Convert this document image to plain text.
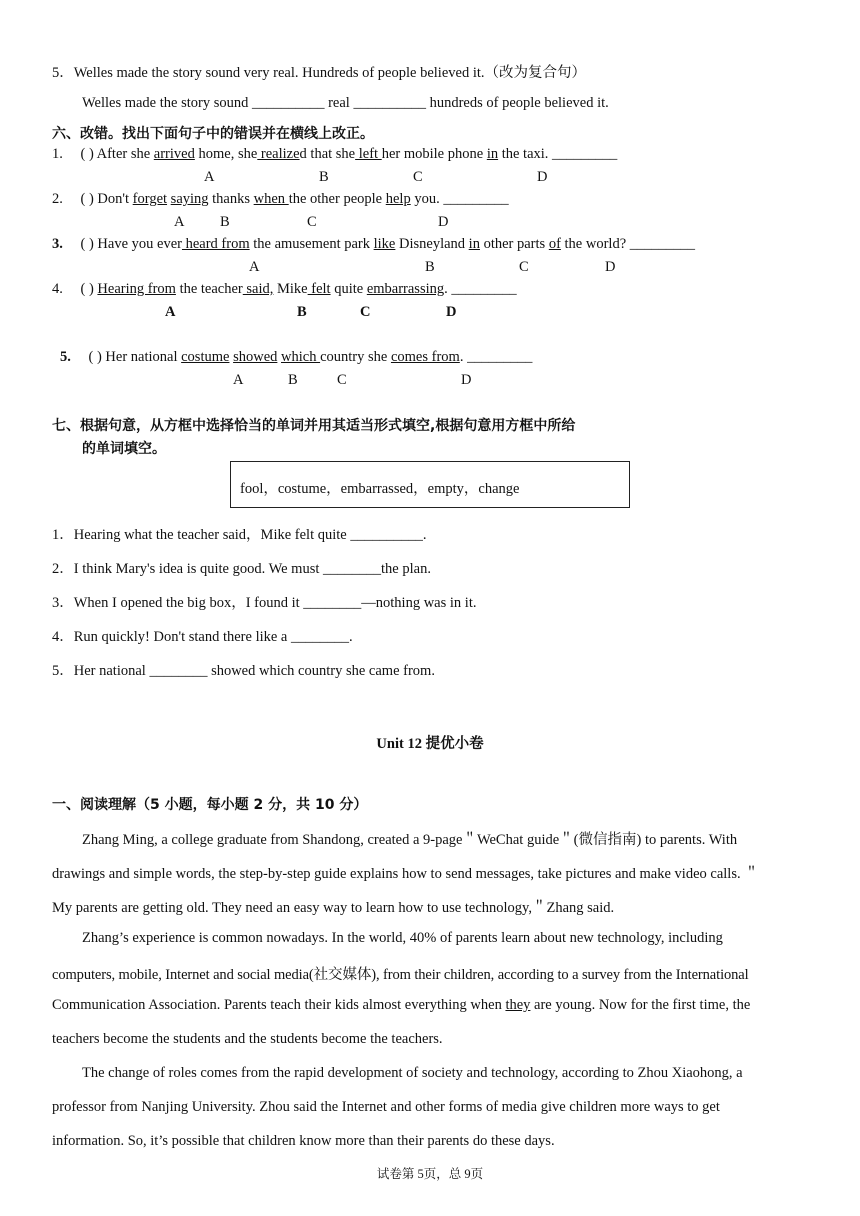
5．Welles made the story sound very real. Hundreds of people believed it.（改为复合句）
Welles made the story sound __________ real __________ hundreds of people believed it.
六、改错。找出下面句子中的错误并在横线上改正。
1. ( ) After she arrived home, she realized that she left her mobile phone in the taxi. _________
A	B	C	D
2. ( ) Don't forget saying thanks when the other people help you. _________
A B	C	D
3. ( ) Have you ever heard from the amusement park like Disneyland in other parts of the world? _________
A	B	C	D
4. ( ) Hearing from the teacher said, Mike felt quite embarrassing. _________
A	B	C	D
5. ( ) Her national costume showed which country she comes from. _________
A	B	C	D
七、根据句意，从方框中选择恰当的单词并用其适当形式填空,根据句意用方框中所给
的单词填空。
fool，costume，embarrassed，empty，change
1．Hearing what the teacher said，Mike felt quite __________.
2．I think Mary's idea is quite good. We must ________the plan.
3．When I opened the big box，I found it ________—nothing was in it.
4．Run quickly! Don't stand there like a ________.
5．Her national ________ showed which country she came from.
Unit 12 提优小卷
一、阅读理解（5 小题，每小题 2 分，共 10 分）
Zhang Ming, a college graduate from Shandong, created a 9-page＂WeChat guide＂(微信指南) to parents. With
drawings and simple words, the step-by-step guide explains how to send messages, take pictures and make video calls. ＂
My parents are getting old. They need an easy way to learn how to use technology,＂Zhang said.
Zhang’s experience is common nowadays. In the world, 40% of parents learn about new technology, including
computers, mobile, Internet and social media(社交媒体), from their children, according to a survey from the International
Communication Association. Parents teach their kids almost everything when they are young. Now for the first time, the
teachers become the students and the students become the teachers.
The change of roles comes from the rapid development of society and technology, according to Zhou Xiaohong, a
professor from Nanjing University. Zhou said the Internet and other forms of media give children more ways to get
information. So, it’s possible that children know more than their parents do these days.
试卷第 5页，总 9页
